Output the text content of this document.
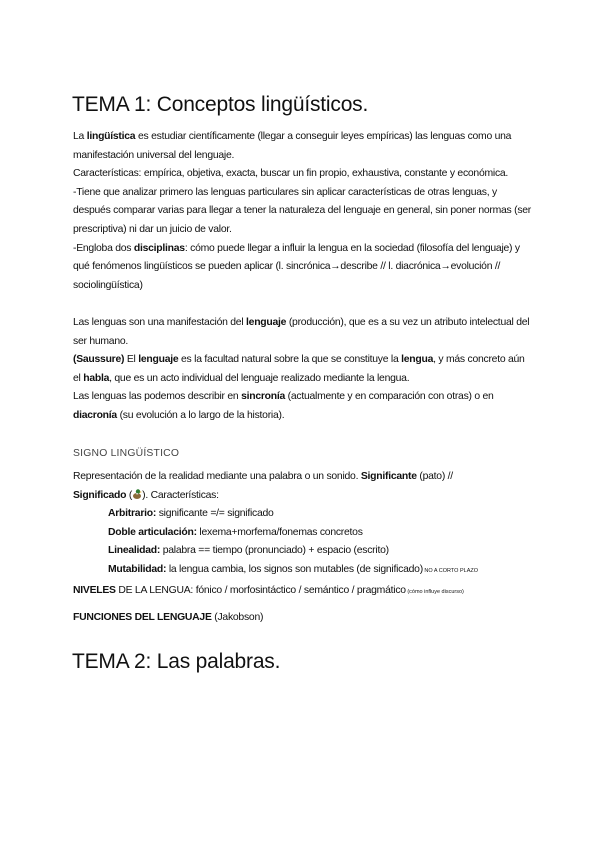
TEMA 1: Conceptos lingüísticos.

La lingüística es estudiar científicamente (llegar a conseguir leyes empíricas) las lenguas como una manifestación universal del lenguaje.

Características: empírica, objetiva, exacta, buscar un fin propio, exhaustiva, constante y económica.

-Tiene que analizar primero las lenguas particulares sin aplicar características de otras lenguas, y después comparar varias para llegar a tener la naturaleza del lenguaje en general, sin poner normas (ser prescriptiva) ni dar un juicio de valor.

-Engloba dos disciplinas: cómo puede llegar a influir la lengua en la sociedad (filosofía del lenguaje) y qué fenómenos lingüísticos se pueden aplicar (l. sincrónica→describe // l. diacrónica→evolución // sociolingüística)

Las lenguas son una manifestación del lenguaje (producción), que es a su vez un atributo intelectual del ser humano.

(Saussure) El lenguaje es la facultad natural sobre la que se constituye la lengua, y más concreto aún el habla, que es un acto individual del lenguaje realizado mediante la lengua.

Las lenguas las podemos describir en sincronía (actualmente y en comparación con otras) o en diacronía (su evolución a lo largo de la historia).

SIGNO LINGÜÍSTICO

Representación de la realidad mediante una palabra o un sonido. Significante (pato) //
Significado ( ). Características:

Arbitrario: significante =/= significado

Doble articulación: lexema+morfema/fonemas concretos

Linealidad: palabra == tiempo (pronunciado) + espacio (escrito)

Mutabilidad: la lengua cambia, los signos son mutables (de significado) NO A CORTO PLAZO

NIVELES DE LA LENGUA: fónico / morfosintáctico / semántico / pragmático (cómo influye discurso)

FUNCIONES DEL LENGUAJE (Jakobson)

TEMA 2: Las palabras.
